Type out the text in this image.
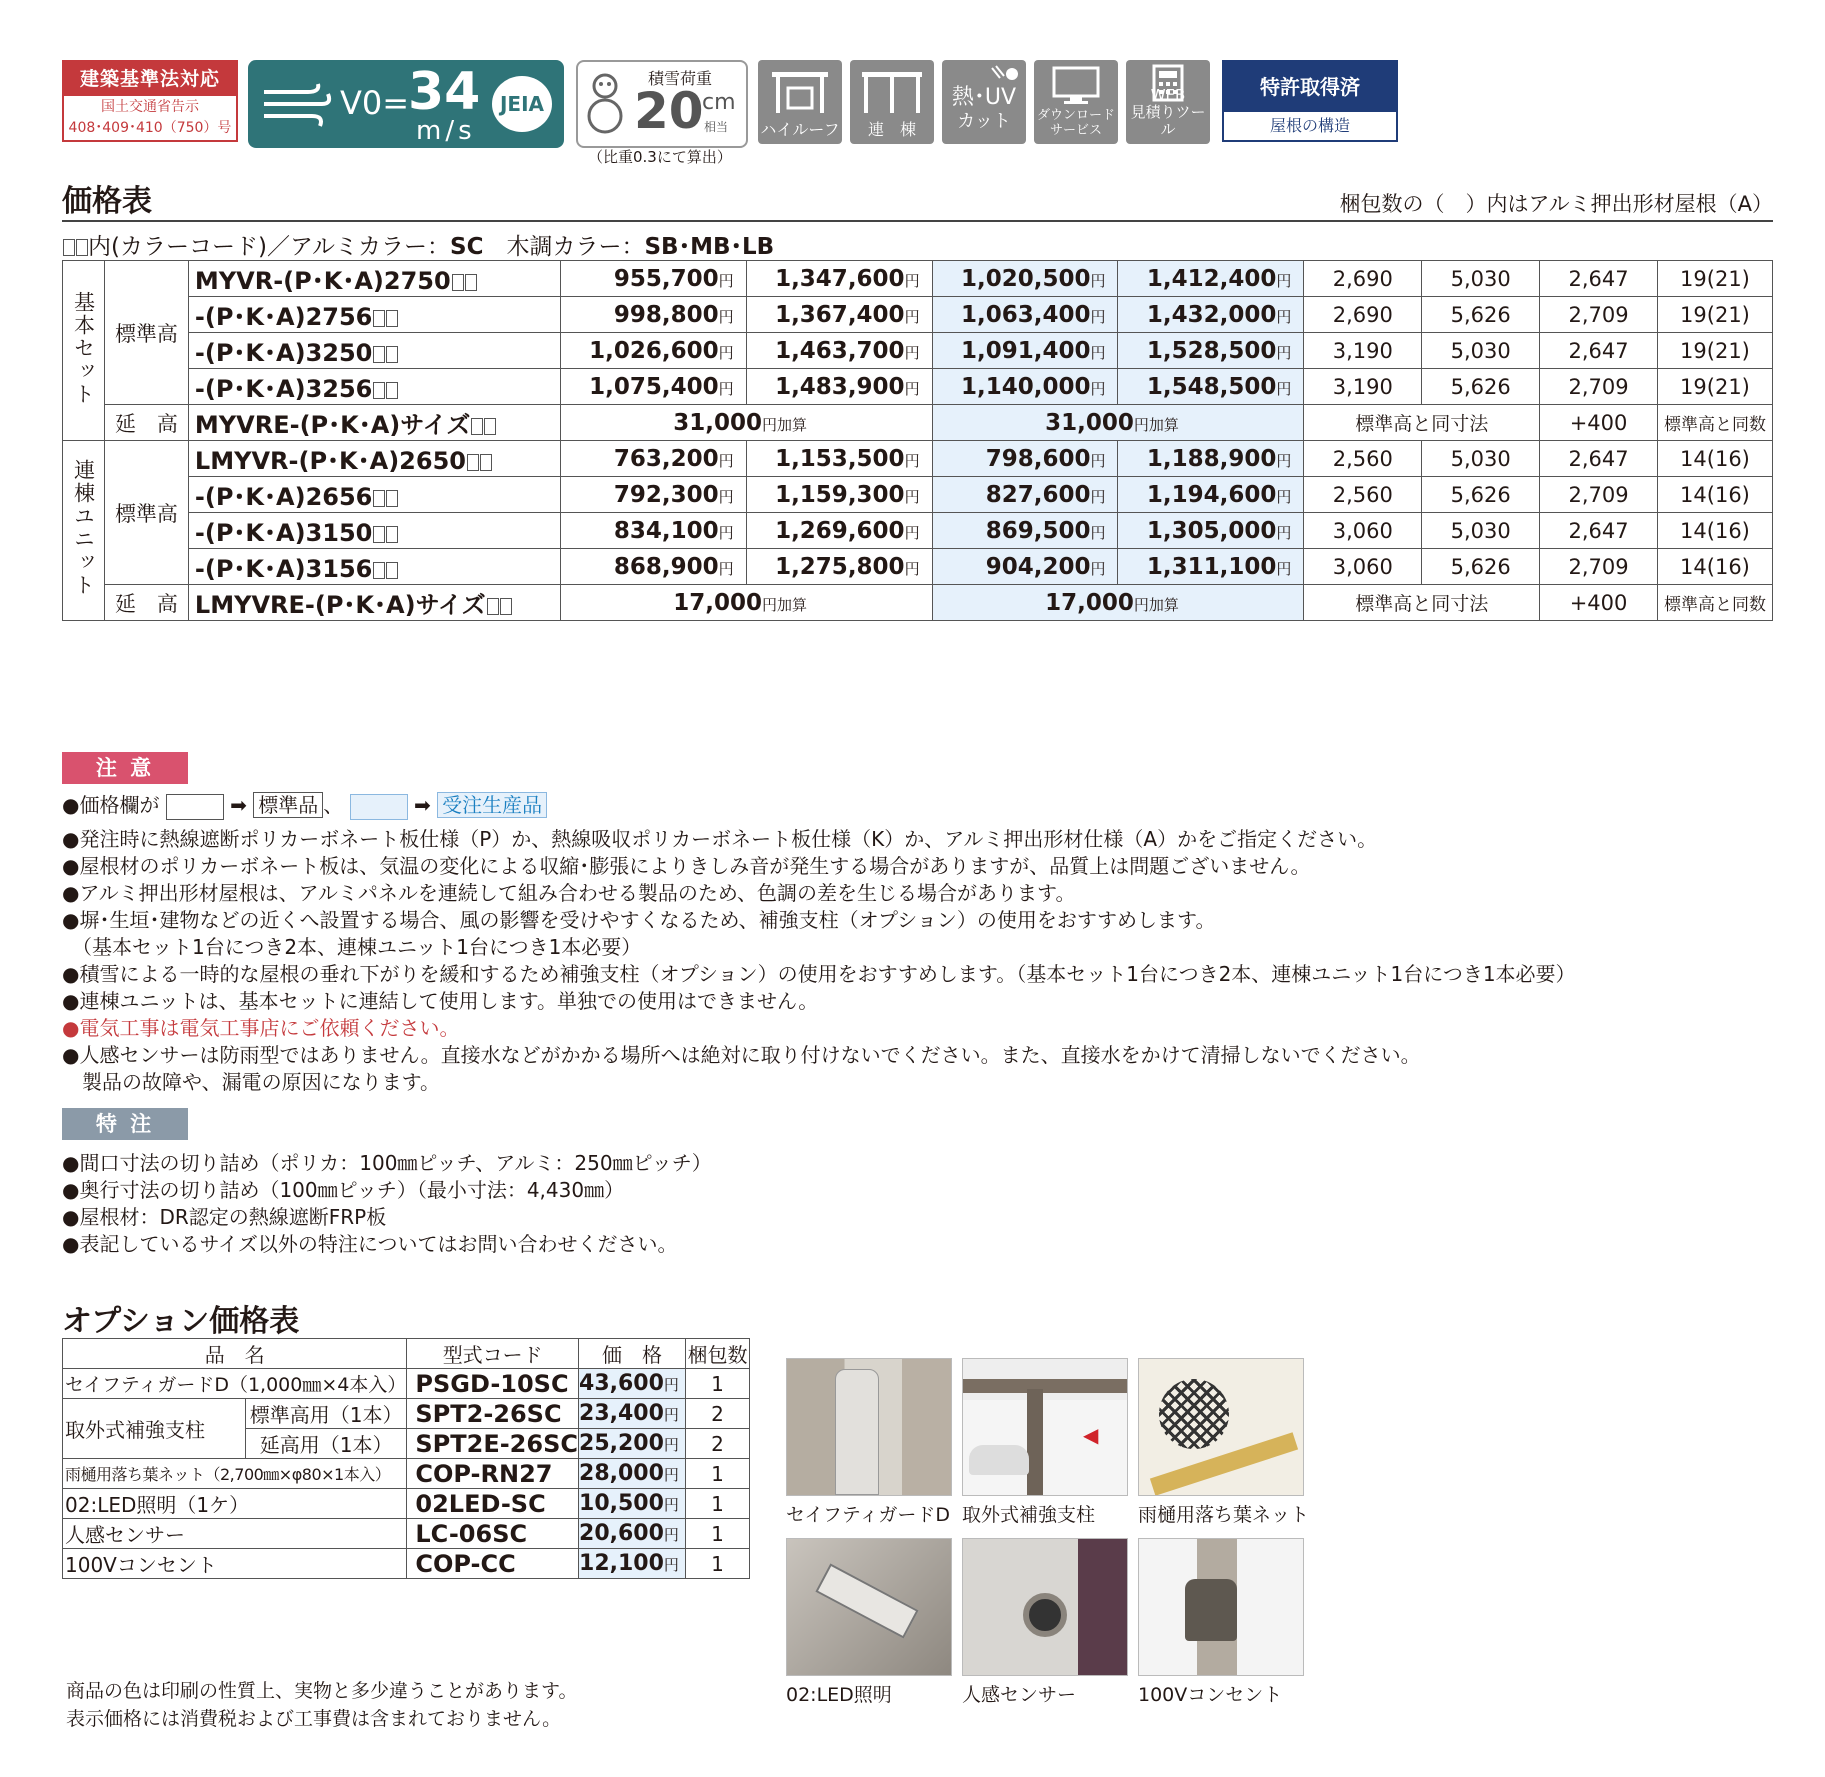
建築基準法対応
国土交通省告示
408･409･410（750）号
V0=
34
m/s
JEIA
積雪荷重
20
cm
相当
（比重0.3にて算出）
ハイルーフ	連　棟
熱･UV
カット	ダウンロード
サービス
WEB
見積りツール
特許取得済
屋根の構造
価格表	梱包数の（　）内はアルミ押出形材屋根（A）
内(カラーコード)／アルミカラー：SC　 木調カラー：SB･MB･LB
基本セット	標準高	MYVR-(P･K･A)2750	955,700円	1,347,600円	1,020,500円	1,412,400円	2,690	5,030	2,647	19(21)
		-(P･K･A)2756	998,800円	1,367,400円	1,063,400円	1,432,000円	2,690	5,626	2,709	19(21)
		-(P･K･A)3250	1,026,600円	1,463,700円	1,091,400円	1,528,500円	3,190	5,030	2,647	19(21)
		-(P･K･A)3256	1,075,400円	1,483,900円	1,140,000円	1,548,500円	3,190	5,626	2,709	19(21)
	延　高	MYVRE-(P･K･A)サイズ	31,000円加算		31,000円加算		標準高と同寸法		+400	標準高と同数
連棟ユニット	標準高	LMYVR-(P･K･A)2650	763,200円	1,153,500円	798,600円	1,188,900円	2,560	5,030	2,647	14(16)
		-(P･K･A)2656	792,300円	1,159,300円	827,600円	1,194,600円	2,560	5,626	2,709	14(16)
		-(P･K･A)3150	834,100円	1,269,600円	869,500円	1,305,000円	3,060	5,030	2,647	14(16)
		-(P･K･A)3156	868,900円	1,275,800円	904,200円	1,311,100円	3,060	5,626	2,709	14(16)
	延　高	LMYVRE-(P･K･A)サイズ	17,000円加算		17,000円加算		標準高と同寸法		+400	標準高と同数
注 意
●価格欄が	➡ 標準品 、	➡ 受注生産品
●発注時に熱線遮断ポリカーボネート板仕様（P）か、熱線吸収ポリカーボネート板仕様（K）か、アルミ押出形材仕様（A）かをご指定ください。
●屋根材のポリカーボネート板は、気温の変化による収縮･膨張によりきしみ音が発生する場合がありますが、品質上は問題ございません。
●アルミ押出形材屋根は、アルミパネルを連続して組み合わせる製品のため、色調の差を生じる場合があります。
●塀･生垣･建物などの近くへ設置する場合、風の影響を受けやすくなるため、補強支柱（オプション）の使用をおすすめします。
　（基本セット1台につき2本、連棟ユニット1台につき1本必要）
●積雪による一時的な屋根の垂れ下がりを緩和するため補強支柱（オプション）の使用をおすすめします。（基本セット1台につき2本、連棟ユニット1台につき1本必要）
●連棟ユニットは、基本セットに連結して使用します。単独での使用はできません。
●電気工事は電気工事店にご依頼ください。
●人感センサーは防雨型ではありません。直接水などがかかる場所へは絶対に取り付けないでください。また、直接水をかけて清掃しないでください。
　製品の故障や、漏電の原因になります。
特 注
●間口寸法の切り詰め（ポリカ：100㎜ピッチ、アルミ：250㎜ピッチ）
●奥行寸法の切り詰め（100㎜ピッチ）（最小寸法：4,430㎜）
●屋根材：DR認定の熱線遮断FRP板
●表記しているサイズ以外の特注についてはお問い合わせください。
オプション価格表
品　名		型式コード	価　格	梱包数
セイフティガードD（1,000㎜×4本入）		PSGD-10SC	43,600円	1
取外式補強支柱	標準高用（1本）	SPT2-26SC	23,400円	2
	延高用（1本）	SPT2E-26SC	25,200円	2
雨樋用落ち葉ネット（2,700㎜×φ80×1本入）		COP-RN27	28,000円	1
02:LED照明（1ケ）		02LED-SC	10,500円	1
人感センサー		LC-06SC	20,600円	1
100Vコンセント		COP-CC	12,100円	1
商品の色は印刷の性質上、実物と多少違うことがあります。
表示価格には消費税および工事費は含まれておりません。
セイフティガードD
◀
取外式補強支柱 雨樋用落ち葉ネット
02:LED照明	人感センサー	100Vコンセント
